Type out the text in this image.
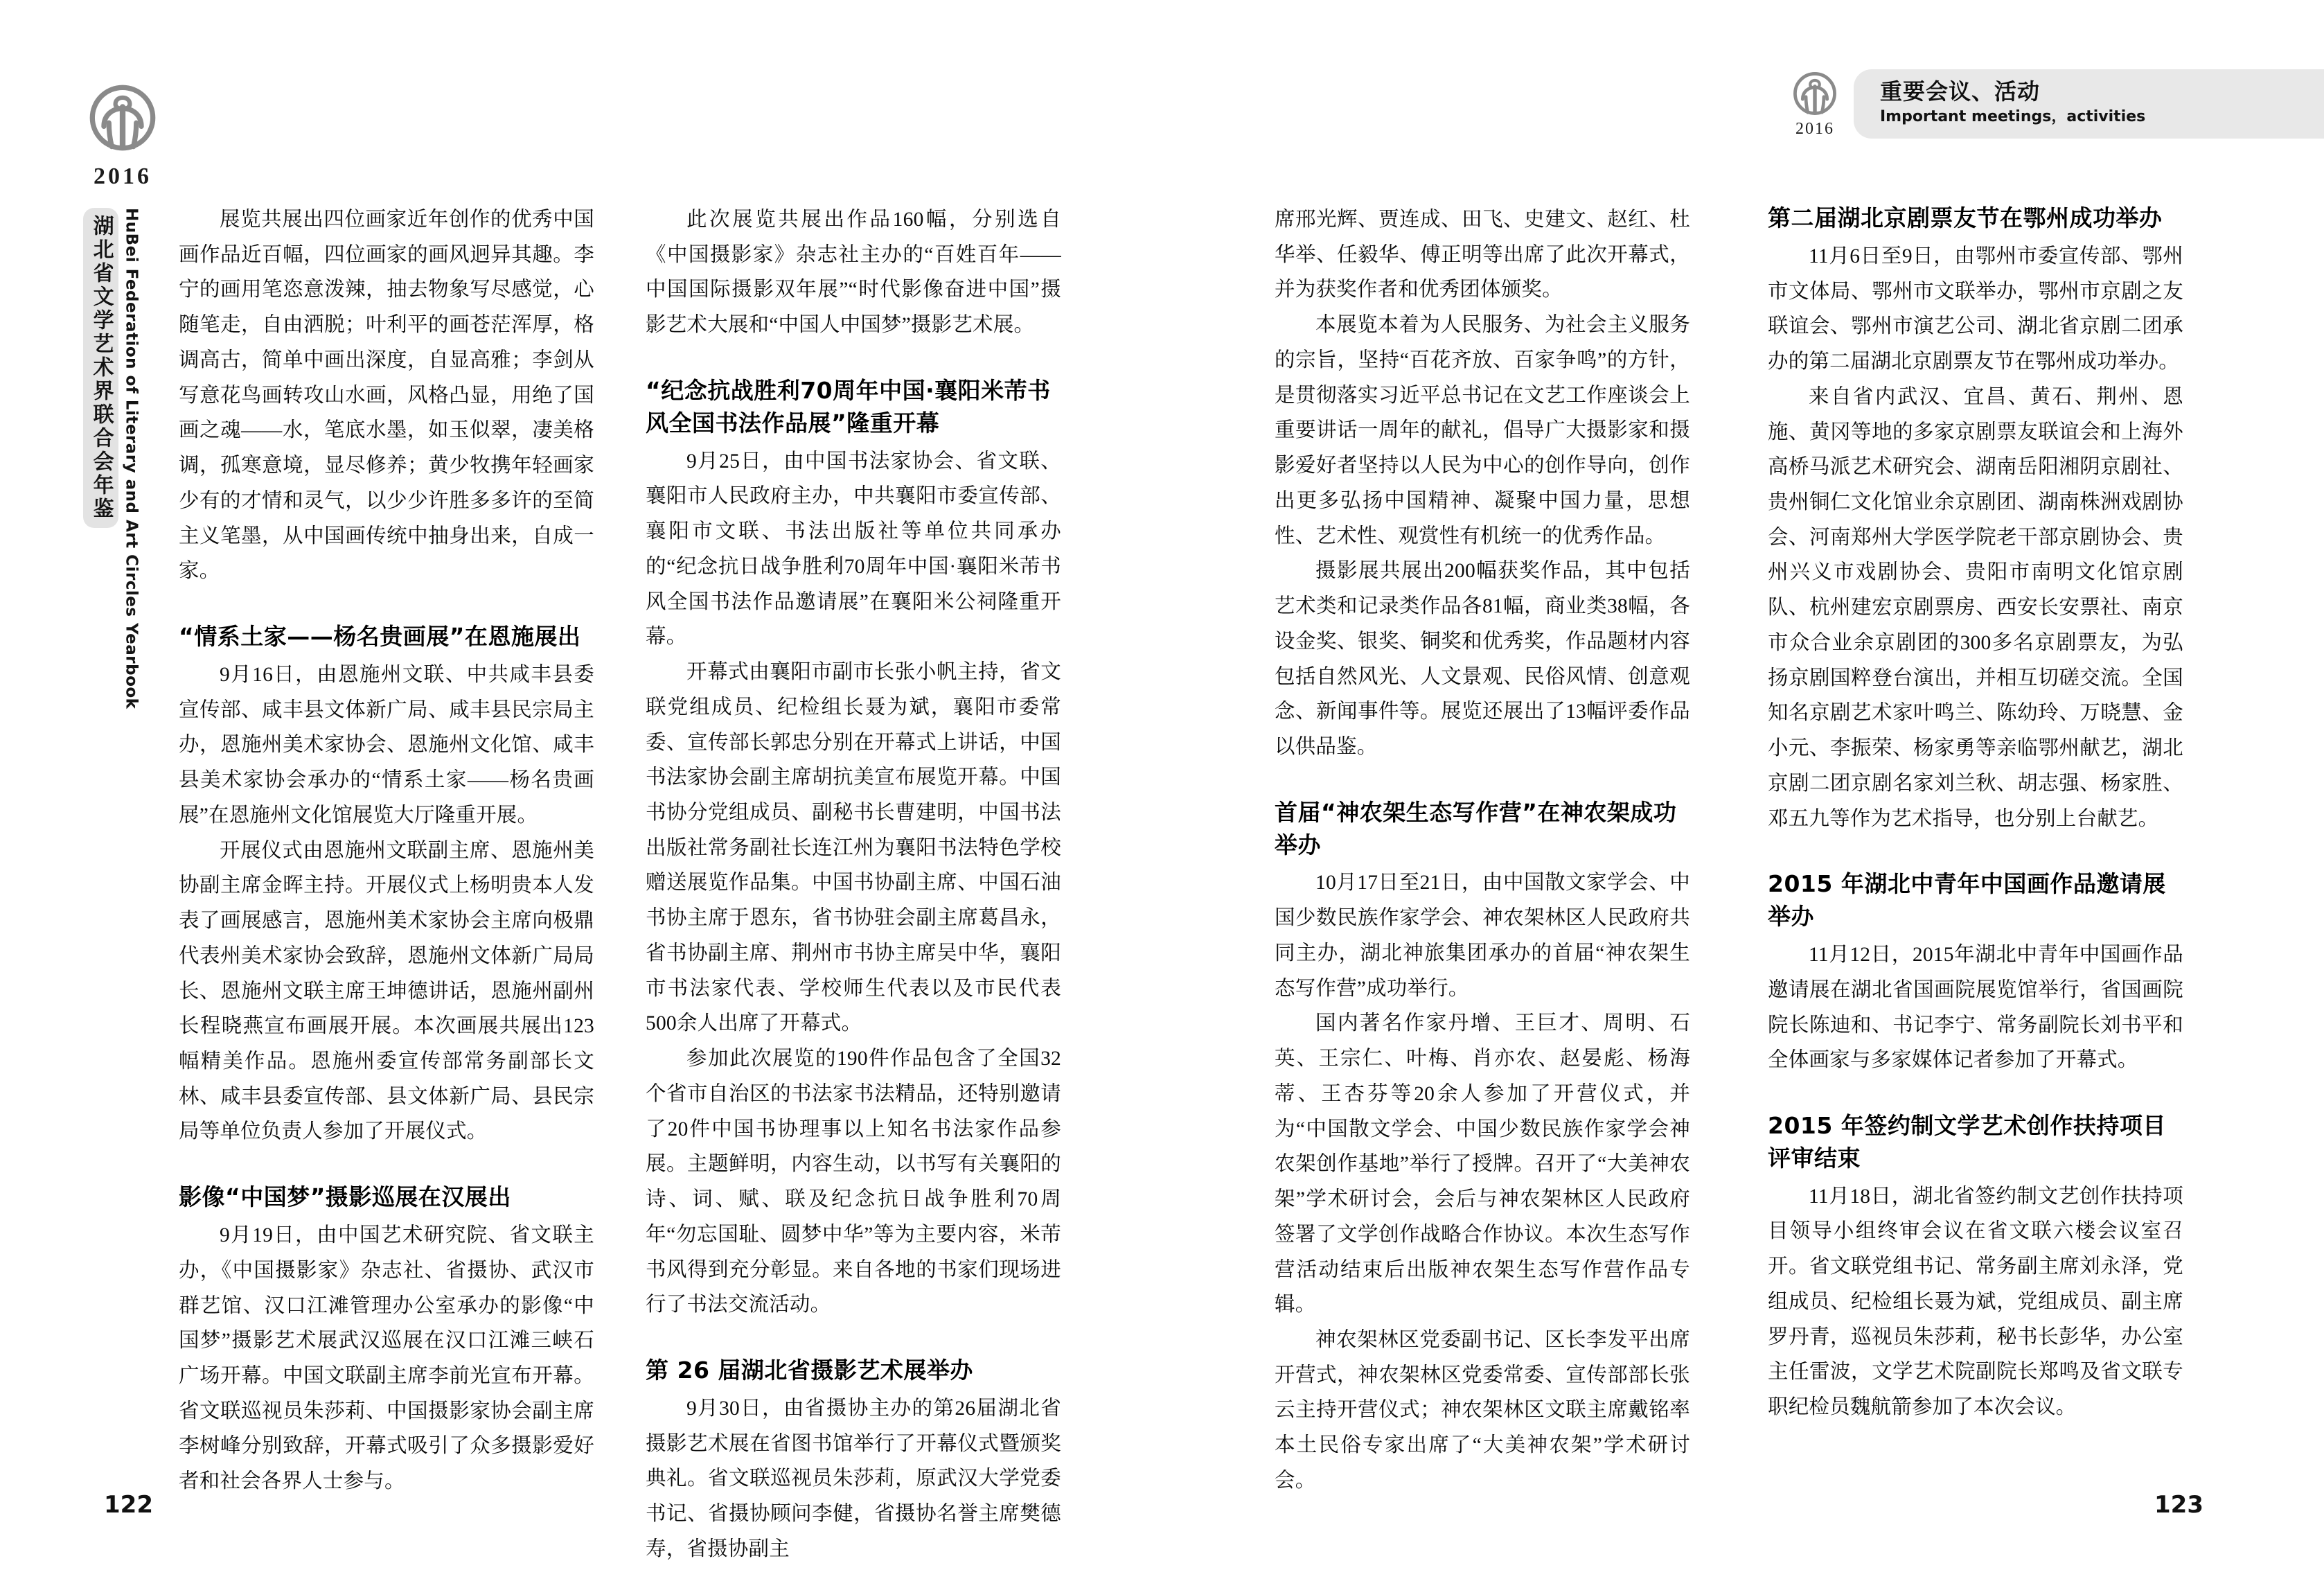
2016
HuBei Federation of Literary and Art Circles Yearbook
湖北省文学艺术界联合会年鉴
2016
重要会议、活动
Important meetings，activities

展览共展出四位画家近年创作的优秀中国画作品近百幅，四位画家的画风迥异其趣。李宁的画用笔恣意泼辣，抽去物象写尽感觉，心随笔走，自由洒脱；叶利平的画苍茫浑厚，格调高古，简单中画出深度，自显高雅；李剑从写意花鸟画转攻山水画，风格凸显，用绝了国画之魂——水，笔底水墨，如玉似翠，凄美格调，孤寒意境，显尽修养；黄少牧携年轻画家少有的才情和灵气，以少少许胜多多许的至简主义笔墨，从中国画传统中抽身出来，自成一家。

“情系土家——杨名贵画展”在恩施展出

9月16日，由恩施州文联、中共咸丰县委宣传部、咸丰县文体新广局、咸丰县民宗局主办，恩施州美术家协会、恩施州文化馆、咸丰县美术家协会承办的“情系土家——杨名贵画展”在恩施州文化馆展览大厅隆重开展。

开展仪式由恩施州文联副主席、恩施州美协副主席金晖主持。开展仪式上杨明贵本人发表了画展感言，恩施州美术家协会主席向极鼎代表州美术家协会致辞，恩施州文体新广局局长、恩施州文联主席王坤德讲话，恩施州副州长程晓燕宣布画展开展。本次画展共展出123幅精美作品。恩施州委宣传部常务副部长文林、咸丰县委宣传部、县文体新广局、县民宗局等单位负责人参加了开展仪式。

影像“中国梦”摄影巡展在汉展出

9月19日，由中国艺术研究院、省文联主办，《中国摄影家》杂志社、省摄协、武汉市群艺馆、汉口江滩管理办公室承办的影像“中国梦”摄影艺术展武汉巡展在汉口江滩三峡石广场开幕。中国文联副主席李前光宣布开幕。省文联巡视员朱莎莉、中国摄影家协会副主席李树峰分别致辞，开幕式吸引了众多摄影爱好者和社会各界人士参与。

此次展览共展出作品160幅，分别选自《中国摄影家》杂志社主办的“百姓百年——中国国际摄影双年展”“时代影像奋进中国”摄影艺术大展和“中国人中国梦”摄影艺术展。

“纪念抗战胜利70周年中国·襄阳米芾书风全国书法作品展”隆重开幕

9月25日，由中国书法家协会、省文联、襄阳市人民政府主办，中共襄阳市委宣传部、襄阳市文联、书法出版社等单位共同承办的“纪念抗日战争胜利70周年中国·襄阳米芾书风全国书法作品邀请展”在襄阳米公祠隆重开幕。

开幕式由襄阳市副市长张小帆主持，省文联党组成员、纪检组长聂为斌，襄阳市委常委、宣传部长郭忠分别在开幕式上讲话，中国书法家协会副主席胡抗美宣布展览开幕。中国书协分党组成员、副秘书长曹建明，中国书法出版社常务副社长连江州为襄阳书法特色学校赠送展览作品集。中国书协副主席、中国石油书协主席于恩东，省书协驻会副主席葛昌永，省书协副主席、荆州市书协主席吴中华，襄阳市书法家代表、学校师生代表以及市民代表500余人出席了开幕式。

参加此次展览的190件作品包含了全国32个省市自治区的书法家书法精品，还特别邀请了20件中国书协理事以上知名书法家作品参展。主题鲜明，内容生动，以书写有关襄阳的诗、词、赋、联及纪念抗日战争胜利70周年“勿忘国耻、圆梦中华”等为主要内容，米芾书风得到充分彰显。来自各地的书家们现场进行了书法交流活动。

第 26 届湖北省摄影艺术展举办

9月30日，由省摄协主办的第26届湖北省摄影艺术展在省图书馆举行了开幕仪式暨颁奖典礼。省文联巡视员朱莎莉，原武汉大学党委书记、省摄协顾问李健，省摄协名誉主席樊德寿，省摄协副主

席邢光辉、贾连成、田飞、史建文、赵红、杜华举、任毅华、傅正明等出席了此次开幕式，并为获奖作者和优秀团体颁奖。

本展览本着为人民服务、为社会主义服务的宗旨，坚持“百花齐放、百家争鸣”的方针，是贯彻落实习近平总书记在文艺工作座谈会上重要讲话一周年的献礼，倡导广大摄影家和摄影爱好者坚持以人民为中心的创作导向，创作出更多弘扬中国精神、凝聚中国力量，思想性、艺术性、观赏性有机统一的优秀作品。

摄影展共展出200幅获奖作品，其中包括艺术类和记录类作品各81幅，商业类38幅，各设金奖、银奖、铜奖和优秀奖，作品题材内容包括自然风光、人文景观、民俗风情、创意观念、新闻事件等。展览还展出了13幅评委作品以供品鉴。

首届“神农架生态写作营”在神农架成功举办

10月17日至21日，由中国散文家学会、中国少数民族作家学会、神农架林区人民政府共同主办，湖北神旅集团承办的首届“神农架生态写作营”成功举行。

国内著名作家丹增、王巨才、周明、石英、王宗仁、叶梅、肖亦农、赵晏彪、杨海蒂、王杏芬等20余人参加了开营仪式，并为“中国散文学会、中国少数民族作家学会神农架创作基地”举行了授牌。召开了“大美神农架”学术研讨会，会后与神农架林区人民政府签署了文学创作战略合作协议。本次生态写作营活动结束后出版神农架生态写作营作品专辑。

神农架林区党委副书记、区长李发平出席开营式，神农架林区党委常委、宣传部部长张云主持开营仪式；神农架林区文联主席戴铭率本土民俗专家出席了“大美神农架”学术研讨会。

第二届湖北京剧票友节在鄂州成功举办

11月6日至9日，由鄂州市委宣传部、鄂州市文体局、鄂州市文联举办，鄂州市京剧之友联谊会、鄂州市演艺公司、湖北省京剧二团承办的第二届湖北京剧票友节在鄂州成功举办。

来自省内武汉、宜昌、黄石、荆州、恩施、黄冈等地的多家京剧票友联谊会和上海外高桥马派艺术研究会、湖南岳阳湘阴京剧社、贵州铜仁文化馆业余京剧团、湖南株洲戏剧协会、河南郑州大学医学院老干部京剧协会、贵州兴义市戏剧协会、贵阳市南明文化馆京剧队、杭州建宏京剧票房、西安长安票社、南京市众合业余京剧团的300多名京剧票友，为弘扬京剧国粹登台演出，并相互切磋交流。全国知名京剧艺术家叶鸣兰、陈幼玲、万晓慧、金小元、李振荣、杨家勇等亲临鄂州献艺，湖北京剧二团京剧名家刘兰秋、胡志强、杨家胜、邓五九等作为艺术指导，也分别上台献艺。

2015 年湖北中青年中国画作品邀请展举办

11月12日，2015年湖北中青年中国画作品邀请展在湖北省国画院展览馆举行，省国画院院长陈迪和、书记李宁、常务副院长刘书平和全体画家与多家媒体记者参加了开幕式。

2015 年签约制文学艺术创作扶持项目评审结束

11月18日，湖北省签约制文艺创作扶持项目领导小组终审会议在省文联六楼会议室召开。省文联党组书记、常务副主席刘永泽，党组成员、纪检组长聂为斌，党组成员、副主席罗丹青，巡视员朱莎莉，秘书长彭华，办公室主任雷波，文学艺术院副院长郑鸣及省文联专职纪检员魏航箭参加了本次会议。

122	123
